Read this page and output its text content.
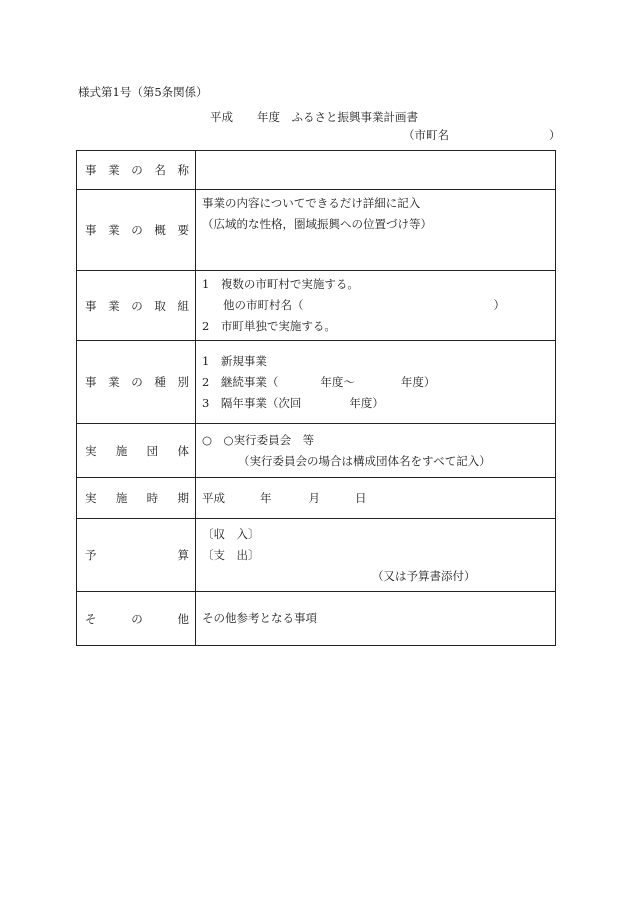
様式第1号（第5条関係）
平成 年度　ふるさと振興事業計画書
（市町名	）
事 業 の 名 称	

事 業 の 概 要	事業の内容についてできるだけ詳細に記入
（広域的な性格，圏域振興への位置づけ等）

事 業 の 取 組	1　複数の市町村で実施する。
他の市町村名（ ）
2　市町単独で実施する。

事 業 の 種 別	1　新規事業
2　継続事業（ 年度～ 年度）
3　隔年事業（次回 年度）

実 施 団 体	○　○実行委員会　等
（実行委員会の場合は構成団体名をすべて記入）

実 施 時 期	平成 年 月 日

予 算	〔収　入〕
〔支　出〕
（又は予算書添付）

そ の 他	その他参考となる事項
